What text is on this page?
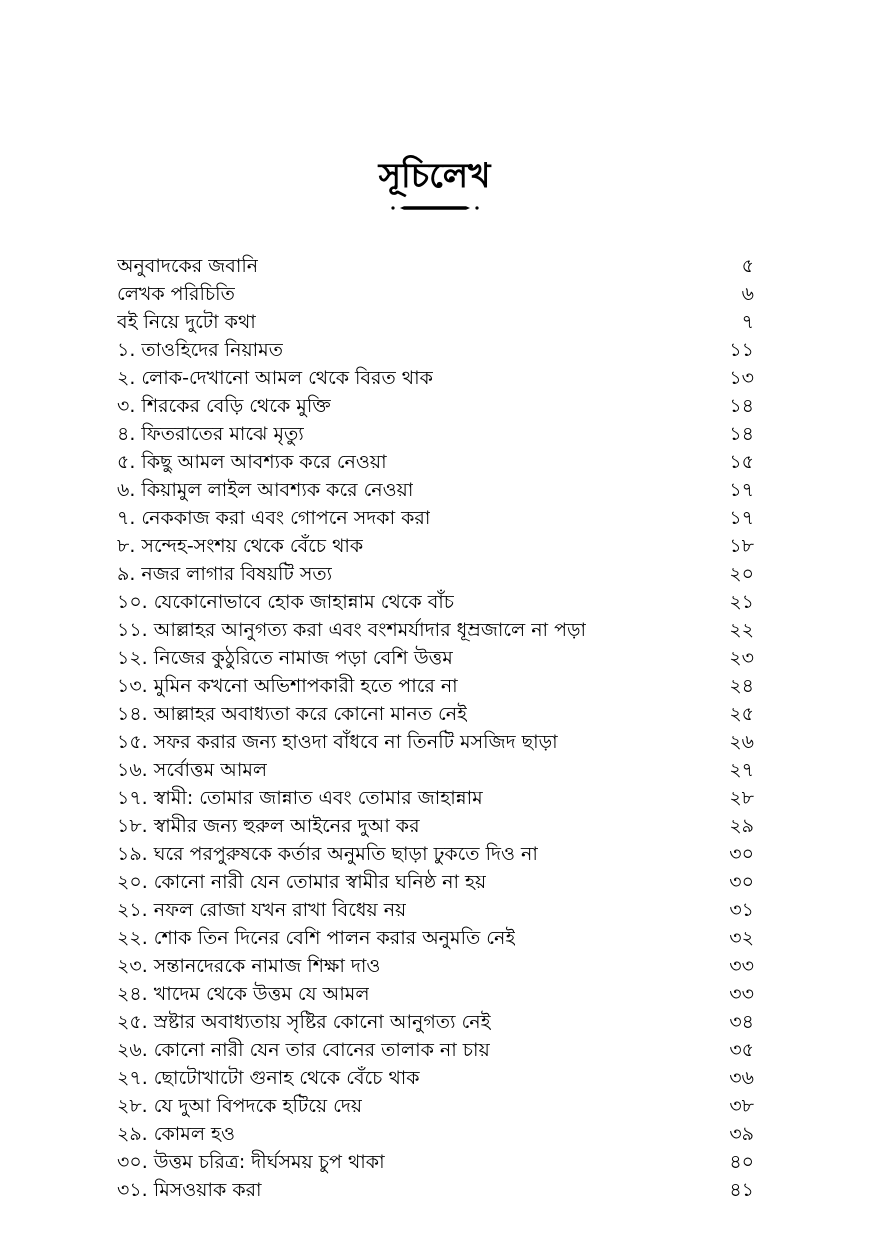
সূচিলেখ
অনুবাদকের জবানি	৫
লেখক পরিচিতি	৬
বই নিয়ে দুটো কথা	৭
১. তাওহিদের নিয়ামত	১১
২. লোক-দেখানো আমল থেকে বিরত থাক	১৩
৩. শিরকের বেড়ি থেকে মুক্তি	১৪
৪. ফিতরাতের মাঝে মৃত্যু	১৪
৫. কিছু আমল আবশ্যক করে নেওয়া	১৫
৬. কিয়ামুল লাইল আবশ্যক করে নেওয়া	১৭
৭. নেককাজ করা এবং গোপনে সদকা করা	১৭
৮. সন্দেহ-সংশয় থেকে বেঁচে থাক	১৮
৯. নজর লাগার বিষয়টি সত্য	২০
১০. যেকোনোভাবে হোক জাহান্নাম থেকে বাঁচ	২১
১১. আল্লাহর আনুগত্য করা এবং বংশমর্যাদার ধূম্রজালে না পড়া	২২
১২. নিজের কুঠুরিতে নামাজ পড়া বেশি উত্তম	২৩
১৩. মুমিন কখনো অভিশাপকারী হতে পারে না	২৪
১৪. আল্লাহর অবাধ্যতা করে কোনো মানত নেই	২৫
১৫. সফর করার জন্য হাওদা বাঁধবে না তিনটি মসজিদ ছাড়া	২৬
১৬. সর্বোত্তম আমল	২৭
১৭. স্বামী: তোমার জান্নাত এবং তোমার জাহান্নাম	২৮
১৮. স্বামীর জন্য হুরুল আইনের দুআ কর	২৯
১৯. ঘরে পরপুরুষকে কর্তার অনুমতি ছাড়া ঢুকতে দিও না	৩০
২০. কোনো নারী যেন তোমার স্বামীর ঘনিষ্ঠ না হয়	৩০
২১. নফল রোজা যখন রাখা বিধেয় নয়	৩১
২২. শোক তিন দিনের বেশি পালন করার অনুমতি নেই	৩২
২৩. সন্তানদেরকে নামাজ শিক্ষা দাও	৩৩
২৪. খাদেম থেকে উত্তম যে আমল	৩৩
২৫. স্রষ্টার অবাধ্যতায় সৃষ্টির কোনো আনুগত্য নেই	৩৪
২৬. কোনো নারী যেন তার বোনের তালাক না চায়	৩৫
২৭. ছোটোখাটো গুনাহ থেকে বেঁচে থাক	৩৬
২৮. যে দুআ বিপদকে হটিয়ে দেয়	৩৮
২৯. কোমল হও	৩৯
৩০. উত্তম চরিত্র: দীর্ঘসময় চুপ থাকা	৪০
৩১. মিসওয়াক করা	৪১
